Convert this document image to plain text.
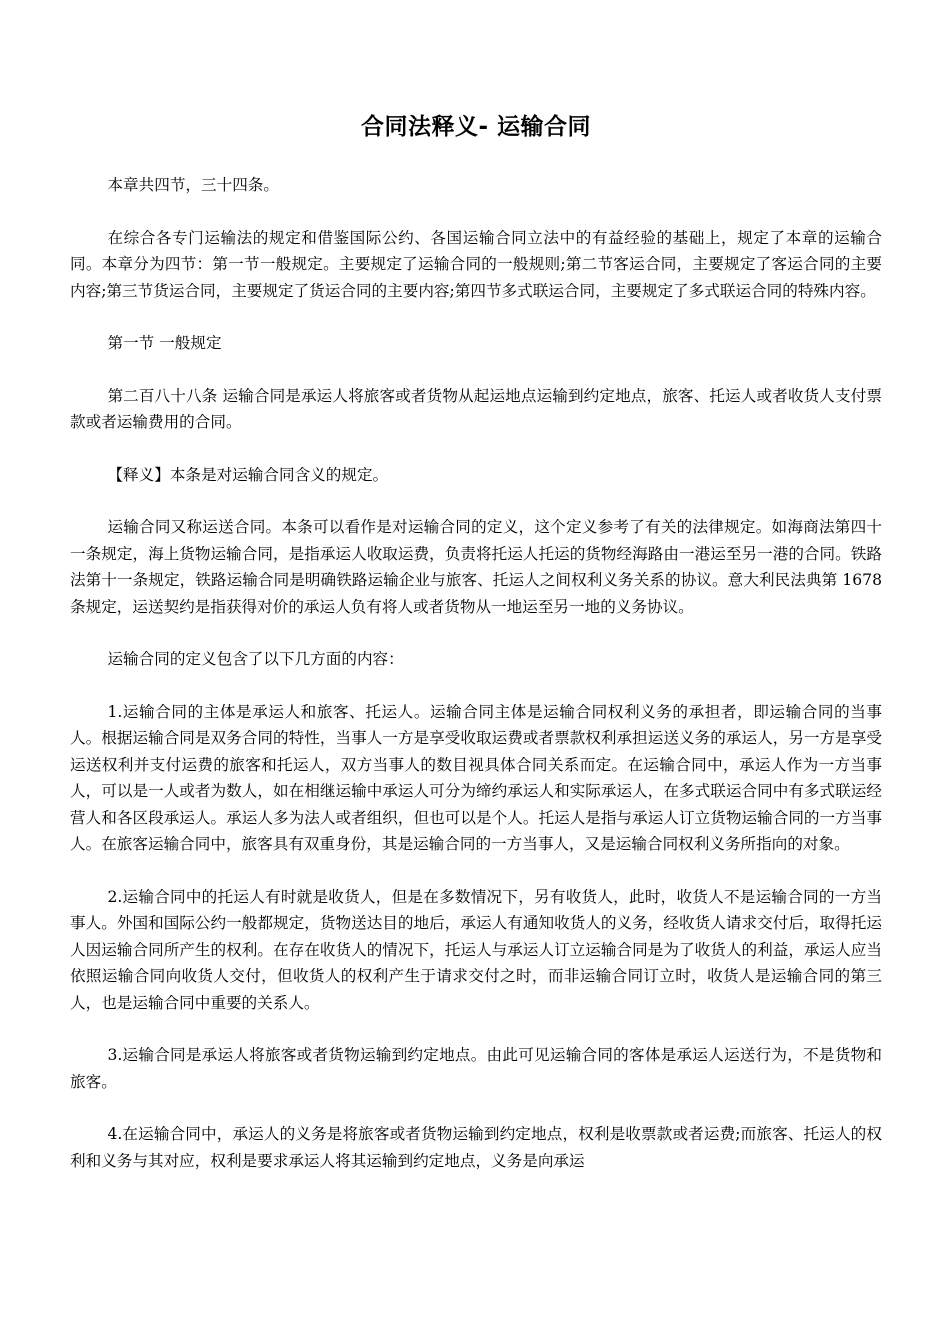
合同法释义- 运输合同

本章共四节，三十四条。

在综合各专门运输法的规定和借鉴国际公约、各国运输合同立法中的有益经验的基础上，规定了本章的运输合同。本章分为四节：第一节一般规定。主要规定了运输合同的一般规则;第二节客运合同，主要规定了客运合同的主要内容;第三节货运合同，主要规定了货运合同的主要内容;第四节多式联运合同，主要规定了多式联运合同的特殊内容。

第一节 一般规定

第二百八十八条 运输合同是承运人将旅客或者货物从起运地点运输到约定地点，旅客、托运人或者收货人支付票款或者运输费用的合同。

【释义】本条是对运输合同含义的规定。

运输合同又称运送合同。本条可以看作是对运输合同的定义，这个定义参考了有关的法律规定。如海商法第四十一条规定，海上货物运输合同，是指承运人收取运费，负责将托运人托运的货物经海路由一港运至另一港的合同。铁路法第十一条规定，铁路运输合同是明确铁路运输企业与旅客、托运人之间权利义务关系的协议。意大利民法典第 1678 条规定，运送契约是指获得对价的承运人负有将人或者货物从一地运至另一地的义务协议。

运输合同的定义包含了以下几方面的内容：

1.运输合同的主体是承运人和旅客、托运人。运输合同主体是运输合同权利义务的承担者，即运输合同的当事人。根据运输合同是双务合同的特性，当事人一方是享受收取运费或者票款权利承担运送义务的承运人，另一方是享受运送权利并支付运费的旅客和托运人，双方当事人的数目视具体合同关系而定。在运输合同中，承运人作为一方当事人，可以是一人或者为数人，如在相继运输中承运人可分为缔约承运人和实际承运人，在多式联运合同中有多式联运经营人和各区段承运人。承运人多为法人或者组织，但也可以是个人。托运人是指与承运人订立货物运输合同的一方当事人。在旅客运输合同中，旅客具有双重身份，其是运输合同的一方当事人，又是运输合同权利义务所指向的对象。

2.运输合同中的托运人有时就是收货人，但是在多数情况下，另有收货人，此时，收货人不是运输合同的一方当事人。外国和国际公约一般都规定，货物送达目的地后，承运人有通知收货人的义务，经收货人请求交付后，取得托运人因运输合同所产生的权利。在存在收货人的情况下，托运人与承运人订立运输合同是为了收货人的利益，承运人应当依照运输合同向收货人交付，但收货人的权利产生于请求交付之时，而非运输合同订立时，收货人是运输合同的第三人，也是运输合同中重要的关系人。

3.运输合同是承运人将旅客或者货物运输到约定地点。由此可见运输合同的客体是承运人运送行为，不是货物和旅客。

4.在运输合同中，承运人的义务是将旅客或者货物运输到约定地点，权利是收票款或者运费;而旅客、托运人的权利和义务与其对应，权利是要求承运人将其运输到约定地点，义务是向承运
